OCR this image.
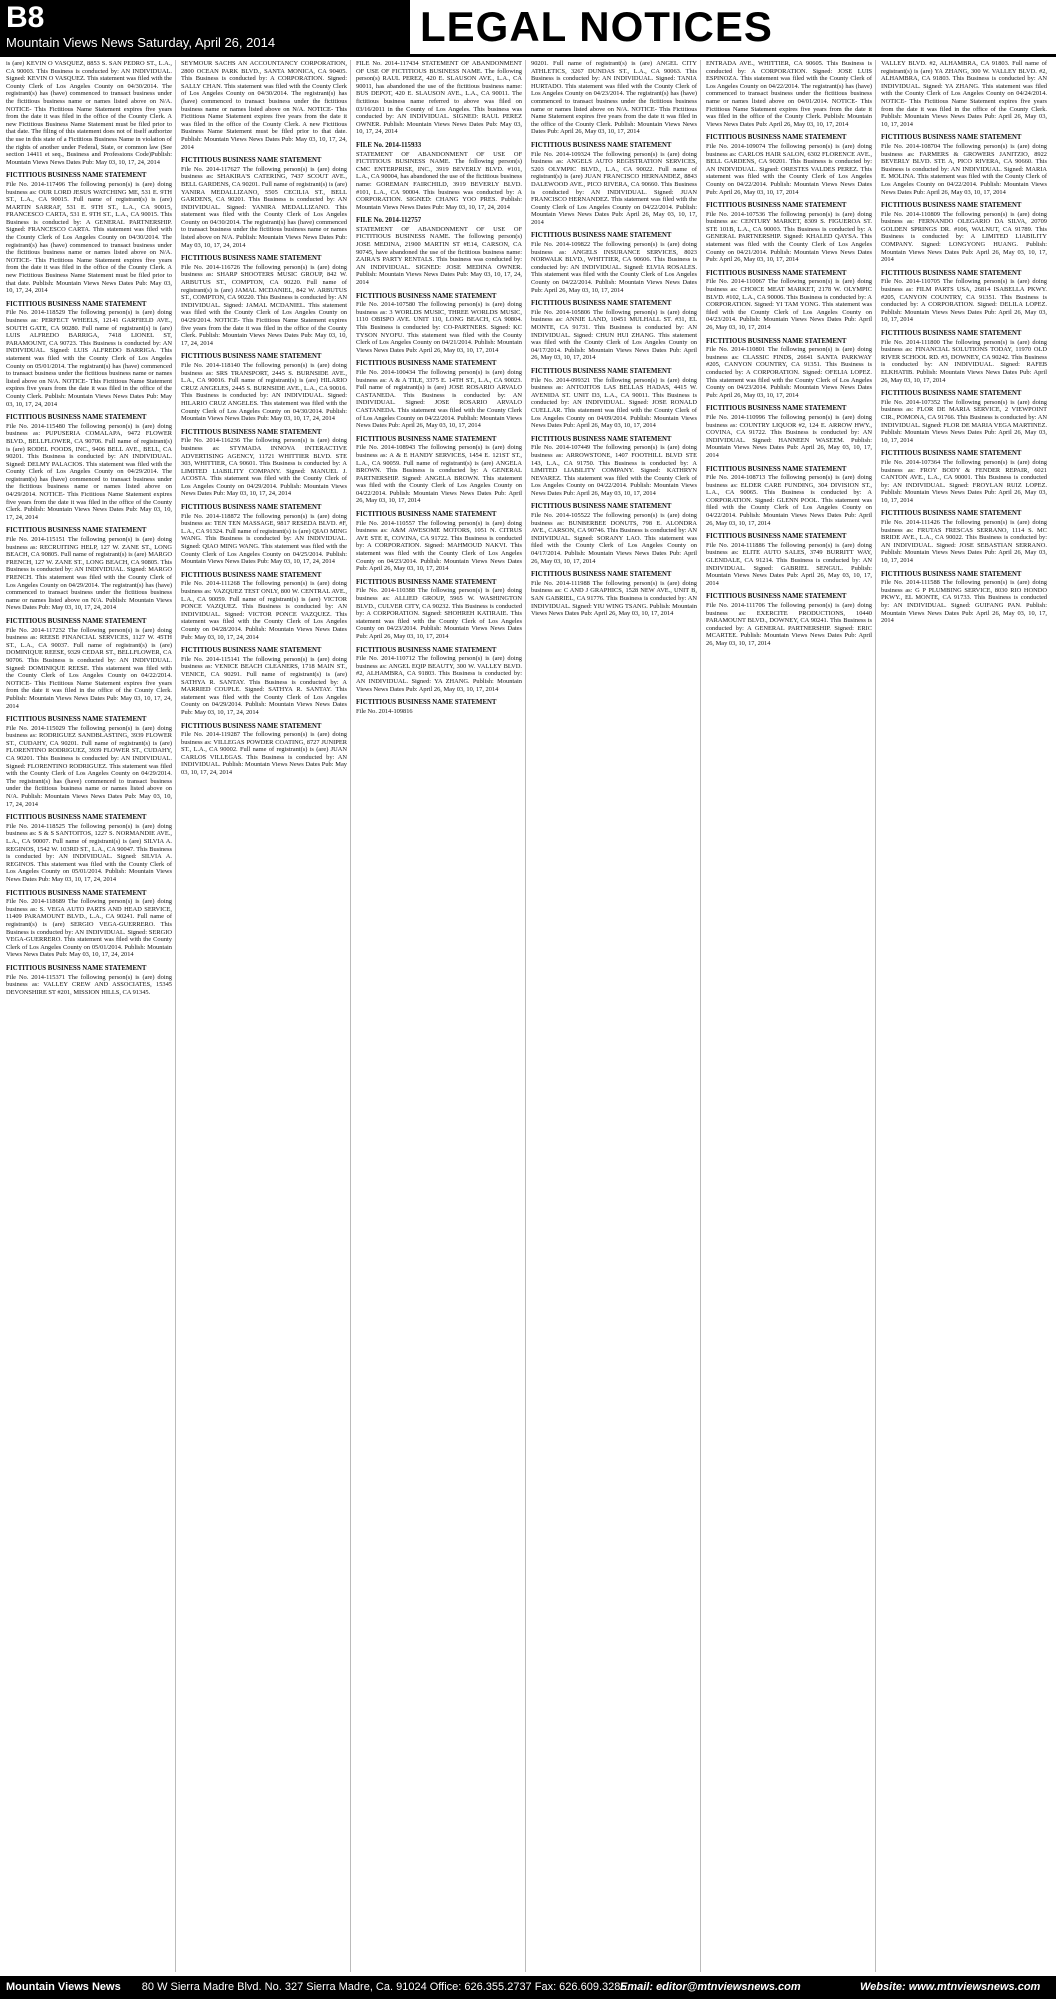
B8
Mountain Views News Saturday, April 26, 2014	LEGAL NOTICES
is (are) KEVIN O VASQUEZ, 8853 S. SAN PEDRO ST., L.A., CA 90003. This Business is conducted by: AN INDIVIDUAL. Signed: KEVIN O VASQUEZ. This statement was filed with the County Clerk of Los Angeles County on 04/30/2014. The registrant(s) has (have) commenced to transact business under the fictitious business name or names listed above on N/A. NOTICE- This Fictitious Name Statement expires five years from the date it was filed in the office of the County Clerk. A new Fictitious Business Name Statement must be filed prior to that date. The filing of this statement does not of itself authorize the use in this state of a Fictitious Business Name in violation of the rights of another under Federal, State, or common law (See section 14411 et seq., Business and Professions Code)Publish: Mountain Views News Dates Pub: May 03, 10, 17, 24, 2014
FICTITIOUS BUSINESS NAME STATEMENT
File No. 2014-117496 The following person(s) is (are) doing business as: OUR LORD JESUS WATCHING ME, 531 E. 9TH ST., L.A., CA 90015. Full name of registrant(s) is (are) MARTIN SARRAF, 531 E. 9TH ST., L.A., CA 90015, FRANCESCO CARTA, 531 E. 9TH ST., L.A., CA 90015. This Business is conducted by: A GENERAL PARTNERSHIP. Signed: FRANCESCO CARTA. This statement was filed with the County Clerk of Los Angeles County on 04/30/2014. The registrant(s) has (have) commenced to transact business under the fictitious business name or names listed above on N/A. NOTICE- This Fictitious Name Statement expires five years from the date it was filed in the office of the County Clerk. A new Fictitious Business Name Statement must be filed prior to that date. Publish: Mountain Views News Dates Pub: May 03, 10, 17, 24, 2014
FICTITIOUS BUSINESS NAME STATEMENT
File No. 2014-118529 The following person(s) is (are) doing business as: PERFECT WHEELS, 12141 GARFIELD AVE., SOUTH GATE, CA 90280. Full name of registrant(s) is (are) LUIS ALFREDO BARRIGA, 7418 LIONEL ST, PARAMOUNT, CA 90723. This Business is conducted by: AN INDIVIDUAL. Signed: LUIS ALFREDO BARRIGA. This statement was filed with the County Clerk of Los Angeles County on 05/01/2014. The registrant(s) has (have) commenced to transact business under the fictitious business name or names listed above on N/A. NOTICE- This Fictitious Name Statement expires five years from the date it was filed in the office of the County Clerk. Publish: Mountain Views News Dates Pub: May 03, 10, 17, 24, 2014
FICTITIOUS BUSINESS NAME STATEMENT
File No. 2014-115480 The following person(s) is (are) doing business as: PUPUSERIA COMALAPA, 9472 FLOWER BLVD., BELLFLOWER, CA 90706. Full name of registrant(s) is (are) RODEL FOODS, INC., 9406 BELL AVE., BELL, CA 90201. This Business is conducted by: AN INDIVIDUAL. Signed: DELMY PALACIOS. This statement was filed with the County Clerk of Los Angeles County on 04/29/2014. The registrant(s) has (have) commenced to transact business under the fictitious business name or names listed above on 04/29/2014. NOTICE- This Fictitious Name Statement expires five years from the date it was filed in the office of the County Clerk. Publish: Mountain Views News Dates Pub: May 03, 10, 17, 24, 2014
FICTITIOUS BUSINESS NAME STATEMENT
File No. 2014-115151 The following person(s) is (are) doing business as: RECRUITING HELP, 127 W. ZANE ST., LONG BEACH, CA 90805. Full name of registrant(s) is (are) MARGO FRENCH, 127 W. ZANE ST., LONG BEACH, CA 90805. This Business is conducted by: AN INDIVIDUAL. Signed: MARGO FRENCH. This statement was filed with the County Clerk of Los Angeles County on 04/29/2014. The registrant(s) has (have) commenced to transact business under the fictitious business name or names listed above on N/A. Publish: Mountain Views News Dates Pub: May 03, 10, 17, 24, 2014
FICTITIOUS BUSINESS NAME STATEMENT
File No. 2014-117232 The following person(s) is (are) doing business as: REESE FINANCIAL SERVICES, 1127 W. 45TH ST., L.A., CA 90037. Full name of registrant(s) is (are) DOMINIQUE REESE, 9329 CEDAR ST., BELLFLOWER, CA 90706. This Business is conducted by: AN INDIVIDUAL. Signed: DOMINIQUE REESE. This statement was filed with the County Clerk of Los Angeles County on 04/22/2014. NOTICE- This Fictitious Name Statement expires five years from the date it was filed in the office of the County Clerk. Publish: Mountain Views News Dates Pub: May 03, 10, 17, 24, 2014
FICTITIOUS BUSINESS NAME STATEMENT
File No. 2014-115029 The following person(s) is (are) doing business as: RODRIGUEZ SANDBLASTING, 3939 FLOWER ST., CUDAHY, CA 90201. Full name of registrant(s) is (are) FLORENTINO RODRIGUEZ, 3939 FLOWER ST., CUDAHY, CA 90201. This Business is conducted by: AN INDIVIDUAL. Signed: FLORENTINO RODRIGUEZ. This statement was filed with the County Clerk of Los Angeles County on 04/29/2014. The registrant(s) has (have) commenced to transact business under the fictitious business name or names listed above on N/A. Publish: Mountain Views News Dates Pub: May 03, 10, 17, 24, 2014
FICTITIOUS BUSINESS NAME STATEMENT
File No. 2014-118525 The following person(s) is (are) doing business as: S & S SANTOITOS, 1227 S. NORMANDIE AVE., L.A., CA 90007. Full name of registrant(s) is (are) SILVIA A. REGINOS, 1542 W. 103RD ST., L.A., CA 90047. This Business is conducted by: AN INDIVIDUAL. Signed: SILVIA A. REGINOS. This statement was filed with the County Clerk of Los Angeles County on 05/01/2014. Publish: Mountain Views News Dates Pub: May 03, 10, 17, 24, 2014
FICTITIOUS BUSINESS NAME STATEMENT
File No. 2014-118689 The following person(s) is (are) doing business as: S. VEGA AUTO PARTS AND HEAD SERVICE, 11409 PARAMOUNT BLVD., L.A., CA 90241. Full name of registrant(s) is (are) SERGIO VEGA-GUERRERO. This Business is conducted by: AN INDIVIDUAL. Signed: SERGIO VEGA-GUERRERO. This statement was filed with the County Clerk of Los Angeles County on 05/01/2014. Publish: Mountain Views News Dates Pub: May 03, 10, 17, 24, 2014
FICTITIOUS BUSINESS NAME STATEMENT
File No. 2014-115371 The following person(s) is (are) doing business as: VALLEY CREW AND ASSOCIATES, 15345 DEVONSHIRE ST #201, MISSION HILLS, CA 91345.
SEYMOUR SACHS AN ACCOUNTANCY CORPORATION, 2800 OCEAN PARK BLVD., SANTA MONICA, CA 90405. This Business is conducted by: A CORPORATION. Signed: SALLY CHAN. This statement was filed with the County Clerk of Los Angeles County on 04/30/2014. The registrant(s) has (have) commenced to transact business under the fictitious business name or names listed above on N/A. NOTICE- This Fictitious Name Statement expires five years from the date it was filed in the office of the County Clerk. A new Fictitious Business Name Statement must be filed prior to that date. Publish: Mountain Views News Dates Pub: May 03, 10, 17, 24, 2014
FICTITIOUS BUSINESS NAME STATEMENT
File No. 2014-117627 The following person(s) is (are) doing business as: SHAKIRA'S CATERING, 7437 SCOUT AVE., BELL GARDENS, CA 90201. Full name of registrant(s) is (are) YANIRA MEDALLIZANO, 5505 CECILIA ST., BELL GARDENS, CA 90201. This Business is conducted by: AN INDIVIDUAL. Signed: YANIRA MEDALLIZANO. This statement was filed with the County Clerk of Los Angeles County on 04/30/2014. The registrant(s) has (have) commenced to transact business under the fictitious business name or names listed above on N/A. Publish: Mountain Views News Dates Pub: May 03, 10, 17, 24, 2014
FICTITIOUS BUSINESS NAME STATEMENT
File No. 2014-116726 The following person(s) is (are) doing business as: SHARP SHOOTERS MUSIC GROUP, 842 W. ARBUTUS ST., COMPTON, CA 90220. Full name of registrant(s) is (are) JAMAL MCDANIEL, 842 W. ARBUTUS ST., COMPTON, CA 90220. This Business is conducted by: AN INDIVIDUAL. Signed: JAMAL MCDANIEL. This statement was filed with the County Clerk of Los Angeles County on 04/29/2014. NOTICE- This Fictitious Name Statement expires five years from the date it was filed in the office of the County Clerk. Publish: Mountain Views News Dates Pub: May 03, 10, 17, 24, 2014
FICTITIOUS BUSINESS NAME STATEMENT
File No. 2014-118140 The following person(s) is (are) doing business as: SRS TRANSPORT, 2445 S. BURNSIDE AVE., L.A., CA 90016. Full name of registrant(s) is (are) HILARIO CRUZ ANGELES, 2445 S. BURNSIDE AVE., L.A., CA 90016. This Business is conducted by: AN INDIVIDUAL. Signed: HILARIO CRUZ ANGELES. This statement was filed with the County Clerk of Los Angeles County on 04/30/2014. Publish: Mountain Views News Dates Pub: May 03, 10, 17, 24, 2014
FICTITIOUS BUSINESS NAME STATEMENT
File No. 2014-116236 The following person(s) is (are) doing business as: STYMADA INNOVA INTERACTIVE ADVERTISING AGENCY, 11721 WHITTIER BLVD. STE 303, WHITTIER, CA 90601. This Business is conducted by: A LIMITED LIABILITY COMPANY. Signed: MANUEL J. ACOSTA. This statement was filed with the County Clerk of Los Angeles County on 04/29/2014. Publish: Mountain Views News Dates Pub: May 03, 10, 17, 24, 2014
FICTITIOUS BUSINESS NAME STATEMENT
File No. 2014-118872 The following person(s) is (are) doing business as: TEN TEN MASSAGE, 9817 RESEDA BLVD. #F, L.A., CA 91324. Full name of registrant(s) is (are) QIAO MING WANG. This Business is conducted by: AN INDIVIDUAL. Signed: QIAO MING WANG. This statement was filed with the County Clerk of Los Angeles County on 04/25/2014. Publish: Mountain Views News Dates Pub: May 03, 10, 17, 24, 2014
FICTITIOUS BUSINESS NAME STATEMENT
File No. 2014-111268 The following person(s) is (are) doing business as: VAZQUEZ TEST ONLY, 800 W. CENTRAL AVE., L.A., CA 90059. Full name of registrant(s) is (are) VICTOR PONCE VAZQUEZ. This Business is conducted by: AN INDIVIDUAL. Signed: VICTOR PONCE VAZQUEZ. This statement was filed with the County Clerk of Los Angeles County on 04/28/2014. Publish: Mountain Views News Dates Pub: May 03, 10, 17, 24, 2014
FICTITIOUS BUSINESS NAME STATEMENT
File No. 2014-115141 The following person(s) is (are) doing business as: VENICE BEACH CLEANERS, 1718 MAIN ST., VENICE, CA 90291. Full name of registrant(s) is (are) SATHYA R. SANTAY. This Business is conducted by: A MARRIED COUPLE. Signed: SATHYA R. SANTAY. This statement was filed with the County Clerk of Los Angeles County on 04/29/2014. Publish: Mountain Views News Dates Pub: May 03, 10, 17, 24, 2014
FICTITIOUS BUSINESS NAME STATEMENT
File No. 2014-119287 The following person(s) is (are) doing business as: VILLEGAS POWDER COATING, 8727 JUNIPER ST., L.A., CA 90002. Full name of registrant(s) is (are) JUAN CARLOS VILLEGAS. This Business is conducted by: AN INDIVIDUAL. Publish: Mountain Views News Dates Pub: May 03, 10, 17, 24, 2014
FILE No. 2014-117434 STATEMENT OF ABANDONMENT OF USE OF FICTITIOUS BUSINESS NAME. The following person(s) RAUL PEREZ, 420 E. SLAUSON AVE., L.A., CA 90011, has abandoned the use of the fictitious business name: BUS DEPOT, 420 E. SLAUSON AVE., L.A., CA 90011. The fictitious business name referred to above was filed on 03/16/2011 in the County of Los Angeles. This business was conducted by: AN INDIVIDUAL. SIGNED: RAUL PEREZ OWNER. Publish: Mountain Views News Dates Pub: May 03, 10, 17, 24, 2014
FILE No. 2014-115933
STATEMENT OF ABANDONMENT OF USE OF FICTITIOUS BUSINESS NAME. The following person(s) CMC ENTERPRISE, INC., 3919 BEVERLY BLVD. #101, L.A., CA 90004, has abandoned the use of the fictitious business name: GOREMAN FAIRCHILD, 3919 BEVERLY BLVD. #101, L.A., CA 90004. This business was conducted by: A CORPORATION. SIGNED: CHANG YOO PRES. Publish: Mountain Views News Dates Pub: May 03, 10, 17, 24, 2014
FILE No. 2014-112757
STATEMENT OF ABANDONMENT OF USE OF FICTITIOUS BUSINESS NAME. The following person(s) JOSE MEDINA, 21900 MARTIN ST #E14, CARSON, CA 90745, have abandoned the use of the fictitious business name: ZAIRA'S PARTY RENTALS. This business was conducted by: AN INDIVIDUAL. SIGNED: JOSE MEDINA OWNER. Publish: Mountain Views News Dates Pub: May 03, 10, 17, 24, 2014
FICTITIOUS BUSINESS NAME STATEMENT
File No. 2014-107580 The following person(s) is (are) doing business as: 3 WORLDS MUSIC, THREE WORLDS MUSIC, 1110 OBISPO AVE. UNIT 110, LONG BEACH, CA 90804. This Business is conducted by: CO-PARTNERS. Signed: KC TYSON NYOFU. This statement was filed with the County Clerk of Los Angeles County on 04/21/2014. Publish: Mountain Views News Dates Pub: April 26, May 03, 10, 17, 2014
FICTITIOUS BUSINESS NAME STATEMENT
File No. 2014-100434 The following person(s) is (are) doing business as: A & A TILE, 3375 E. 14TH ST., L.A., CA 90023. Full name of registrant(s) is (are) JOSE ROSARIO ARVALO CASTANEDA. This Business is conducted by: AN INDIVIDUAL. Signed: JOSE ROSARIO ARVALO CASTANEDA. This statement was filed with the County Clerk of Los Angeles County on 04/22/2014. Publish: Mountain Views News Dates Pub: April 26, May 03, 10, 17, 2014
FICTITIOUS BUSINESS NAME STATEMENT
File No. 2014-108943 The following person(s) is (are) doing business as: A & E HANDY SERVICES, 1454 E. 121ST ST., L.A., CA 90059. Full name of registrant(s) is (are) ANGELA BROWN. This Business is conducted by: A GENERAL PARTNERSHIP. Signed: ANGELA BROWN. This statement was filed with the County Clerk of Los Angeles County on 04/22/2014. Publish: Mountain Views News Dates Pub: April 26, May 03, 10, 17, 2014
FICTITIOUS BUSINESS NAME STATEMENT
File No. 2014-110557 The following person(s) is (are) doing business as: A&M AWESOME MOTORS, 1051 N. CITRUS AVE STE E, COVINA, CA 91722. This Business is conducted by: A CORPORATION. Signed: MAHMOUD NAKVI. This statement was filed with the County Clerk of Los Angeles County on 04/23/2014. Publish: Mountain Views News Dates Pub: April 26, May 03, 10, 17, 2014
FICTITIOUS BUSINESS NAME STATEMENT
File No. 2014-110388 The following person(s) is (are) doing business as: ALLIED GROUP, 5965 W. WASHINGTON BLVD., CULVER CITY, CA 90232. This Business is conducted by: A CORPORATION. Signed: SHOHREH KATIRAIE. This statement was filed with the County Clerk of Los Angeles County on 04/23/2014. Publish: Mountain Views News Dates Pub: April 26, May 03, 10, 17, 2014
FICTITIOUS BUSINESS NAME STATEMENT
File No. 2014-110712 The following person(s) is (are) doing business as: ANGEL EQIP BEAUTY, 300 W. VALLEY BLVD. #2, ALHAMBRA, CA 91803. This Business is conducted by: AN INDIVIDUAL. Signed: YA ZHANG. Publish: Mountain Views News Dates Pub: April 26, May 03, 10, 17, 2014
FICTITIOUS BUSINESS NAME STATEMENT
File No. 2014-109816
90201. Full name of registrant(s) is (are) ANGEL CITY ATHLETICS, 3267 DUNDAS ST., L.A., CA 90063. This Business is conducted by: AN INDIVIDUAL. Signed: TANIA HURTADO. This statement was filed with the County Clerk of Los Angeles County on 04/23/2014. The registrant(s) has (have) commenced to transact business under the fictitious business name or names listed above on N/A. NOTICE- This Fictitious Name Statement expires five years from the date it was filed in the office of the County Clerk. Publish: Mountain Views News Dates Pub: April 26, May 03, 10, 17, 2014
FICTITIOUS BUSINESS NAME STATEMENT
File No. 2014-109324 The following person(s) is (are) doing business as: ANGELS AUTO REGISTRATION SERVICES, 5203 OLYMPIC BLVD., L.A., CA 90022. Full name of registrant(s) is (are) JUAN FRANCISCO HERNANDEZ, 8843 DALEWOOD AVE., PICO RIVERA, CA 90660. This Business is conducted by: AN INDIVIDUAL. Signed: JUAN FRANCISCO HERNANDEZ. This statement was filed with the County Clerk of Los Angeles County on 04/22/2014. Publish: Mountain Views News Dates Pub: April 26, May 03, 10, 17, 2014
FICTITIOUS BUSINESS NAME STATEMENT
File No. 2014-109822 The following person(s) is (are) doing business as: ANGELS INSURANCE SERVICES, 8023 NORWALK BLVD., WHITTIER, CA 90606. This Business is conducted by: AN INDIVIDUAL. Signed: ELVIA ROSALES. This statement was filed with the County Clerk of Los Angeles County on 04/22/2014. Publish: Mountain Views News Dates Pub: April 26, May 03, 10, 17, 2014
FICTITIOUS BUSINESS NAME STATEMENT
File No. 2014-105806 The following person(s) is (are) doing business as: ANNIE LAND, 10451 MULHALL ST. #31, EL MONTE, CA 91731. This Business is conducted by: AN INDIVIDUAL. Signed: CHUN HUI ZHANG. This statement was filed with the County Clerk of Los Angeles County on 04/17/2014. Publish: Mountain Views News Dates Pub: April 26, May 03, 10, 17, 2014
FICTITIOUS BUSINESS NAME STATEMENT
File No. 2014-099321 The following person(s) is (are) doing business as: ANTOJITOS LAS BELLAS HADAS, 4415 W. AVENIDA ST. UNIT D3, L.A., CA 90011. This Business is conducted by: AN INDIVIDUAL. Signed: JOSE RONALD CUELLAR. This statement was filed with the County Clerk of Los Angeles County on 04/09/2014. Publish: Mountain Views News Dates Pub: April 26, May 03, 10, 17, 2014
FICTITIOUS BUSINESS NAME STATEMENT
File No. 2014-107449 The following person(s) is (are) doing business as: ARROWSTONE, 1407 FOOTHILL BLVD STE 143, L.A., CA 91750. This Business is conducted by: A LIMITED LIABILITY COMPANY. Signed: KATHRYN NEVAREZ. This statement was filed with the County Clerk of Los Angeles County on 04/22/2014. Publish: Mountain Views News Dates Pub: April 26, May 03, 10, 17, 2014
FICTITIOUS BUSINESS NAME STATEMENT
File No. 2014-105522 The following person(s) is (are) doing business as: BUNBERBEE DONUTS, 798 E. ALONDRA AVE., CARSON, CA 90746. This Business is conducted by: AN INDIVIDUAL. Signed: SORANY LAO. This statement was filed with the County Clerk of Los Angeles County on 04/17/2014. Publish: Mountain Views News Dates Pub: April 26, May 03, 10, 17, 2014
FICTITIOUS BUSINESS NAME STATEMENT
File No. 2014-111988 The following person(s) is (are) doing business as: C AND J GRAPHICS, 1528 NEW AVE., UNIT B, SAN GABRIEL, CA 91776. This Business is conducted by: AN INDIVIDUAL. Signed: YIU WING TSANG. Publish: Mountain Views News Dates Pub: April 26, May 03, 10, 17, 2014
ENTRADA AVE., WHITTIER, CA 90605. This Business is conducted by: A CORPORATION. Signed: JOSE LUIS ESPINOZA. This statement was filed with the County Clerk of Los Angeles County on 04/22/2014. The registrant(s) has (have) commenced to transact business under the fictitious business name or names listed above on 04/01/2014. NOTICE- This Fictitious Name Statement expires five years from the date it was filed in the office of the County Clerk. Publish: Mountain Views News Dates Pub: April 26, May 03, 10, 17, 2014
FICTITIOUS BUSINESS NAME STATEMENT
File No. 2014-109074 The following person(s) is (are) doing business as: CARLOS HAIR SALON, 6302 FLORENCE AVE., BELL GARDENS, CA 90201. This Business is conducted by: AN INDIVIDUAL. Signed: ORESTES VALDES PEREZ. This statement was filed with the County Clerk of Los Angeles County on 04/22/2014. Publish: Mountain Views News Dates Pub: April 26, May 03, 10, 17, 2014
FICTITIOUS BUSINESS NAME STATEMENT
File No. 2014-107536 The following person(s) is (are) doing business as: CENTURY MARKET, 8309 S. FIGUEROA ST. STE 101B, L.A., CA 90003. This Business is conducted by: A GENERAL PARTNERSHIP. Signed: KHALED QAYSA. This statement was filed with the County Clerk of Los Angeles County on 04/21/2014. Publish: Mountain Views News Dates Pub: April 26, May 03, 10, 17, 2014
FICTITIOUS BUSINESS NAME STATEMENT
File No. 2014-110067 The following person(s) is (are) doing business as: CHOICE MEAT MARKET, 2178 W. OLYMPIC BLVD. #102, L.A., CA 90006. This Business is conducted by: A CORPORATION. Signed: YI TAM YONG. This statement was filed with the County Clerk of Los Angeles County on 04/23/2014. Publish: Mountain Views News Dates Pub: April 26, May 03, 10, 17, 2014
FICTITIOUS BUSINESS NAME STATEMENT
File No. 2014-110801 The following person(s) is (are) doing business as: CLASSIC FINDS, 26641 SANTA PARKWAY #205, CANYON COUNTRY, CA 91351. This Business is conducted by: A CORPORATION. Signed: OFELIA LOPEZ. This statement was filed with the County Clerk of Los Angeles County on 04/23/2014. Publish: Mountain Views News Dates Pub: April 26, May 03, 10, 17, 2014
FICTITIOUS BUSINESS NAME STATEMENT
File No. 2014-110996 The following person(s) is (are) doing business as: COUNTRY LIQUOR #2, 124 E. ARROW HWY., COVINA, CA 91722. This Business is conducted by: AN INDIVIDUAL. Signed: HANNEEN WASEEM. Publish: Mountain Views News Dates Pub: April 26, May 03, 10, 17, 2014
FICTITIOUS BUSINESS NAME STATEMENT
File No. 2014-108713 The following person(s) is (are) doing business as: ELDER CARE FUNDING, 304 DIVISION ST., L.A., CA 90065. This Business is conducted by: A CORPORATION. Signed: GLENN POOL. This statement was filed with the County Clerk of Los Angeles County on 04/22/2014. Publish: Mountain Views News Dates Pub: April 26, May 03, 10, 17, 2014
FICTITIOUS BUSINESS NAME STATEMENT
File No. 2014-111886 The following person(s) is (are) doing business as: ELITE AUTO SALES, 3749 BURRITT WAY, GLENDALE, CA 91214. This Business is conducted by: AN INDIVIDUAL. Signed: GABRIEL SENGUL. Publish: Mountain Views News Dates Pub: April 26, May 03, 10, 17, 2014
FICTITIOUS BUSINESS NAME STATEMENT
File No. 2014-111706 The following person(s) is (are) doing business as: EXERCITE PRODUCTIONS, 10440 PARAMOUNT BLVD., DOWNEY, CA 90241. This Business is conducted by: A GENERAL PARTNERSHIP. Signed: ERIC MCARTEE. Publish: Mountain Views News Dates Pub: April 26, May 03, 10, 17, 2014
VALLEY BLVD. #2, ALHAMBRA, CA 91803. Full name of registrant(s) is (are) YA ZHANG, 300 W. VALLEY BLVD. #2, ALHAMBRA, CA 91803. This Business is conducted by: AN INDIVIDUAL. Signed: YA ZHANG. This statement was filed with the County Clerk of Los Angeles County on 04/24/2014. NOTICE- This Fictitious Name Statement expires five years from the date it was filed in the office of the County Clerk. Publish: Mountain Views News Dates Pub: April 26, May 03, 10, 17, 2014
FICTITIOUS BUSINESS NAME STATEMENT
File No. 2014-108704 The following person(s) is (are) doing business as: FARMERS & GROWERS JANITZIO, 8922 BEVERLY BLVD. STE A, PICO RIVERA, CA 90660. This Business is conducted by: AN INDIVIDUAL. Signed: MARIA E. MOLINA. This statement was filed with the County Clerk of Los Angeles County on 04/22/2014. Publish: Mountain Views News Dates Pub: April 26, May 03, 10, 17, 2014
FICTITIOUS BUSINESS NAME STATEMENT
File No. 2014-110809 The following person(s) is (are) doing business as: FERNANDO OLEGARIO DA SILVA, 20709 GOLDEN SPRINGS DR. #106, WALNUT, CA 91789. This Business is conducted by: A LIMITED LIABILITY COMPANY. Signed: LONGYONG HUANG. Publish: Mountain Views News Dates Pub: April 26, May 03, 10, 17, 2014
FICTITIOUS BUSINESS NAME STATEMENT
File No. 2014-110705 The following person(s) is (are) doing business as: FILM PARTS USA, 26814 ISABELLA PKWY. #205, CANYON COUNTRY, CA 91351. This Business is conducted by: A CORPORATION. Signed: DELILA LOPEZ. Publish: Mountain Views News Dates Pub: April 26, May 03, 10, 17, 2014
FICTITIOUS BUSINESS NAME STATEMENT
File No. 2014-111800 The following person(s) is (are) doing business as: FINANCIAL SOLUTIONS TODAY, 11970 OLD RIVER SCHOOL RD. #3, DOWNEY, CA 90242. This Business is conducted by: AN INDIVIDUAL. Signed: RAFEB ELKHATIB. Publish: Mountain Views News Dates Pub: April 26, May 03, 10, 17, 2014
FICTITIOUS BUSINESS NAME STATEMENT
File No. 2014-107352 The following person(s) is (are) doing business as: FLOR DE MARIA SERVICE, 2 VIEWPOINT CIR., POMONA, CA 91766. This Business is conducted by: AN INDIVIDUAL. Signed: FLOR DE MARIA VEGA MARTINEZ. Publish: Mountain Views News Dates Pub: April 26, May 03, 10, 17, 2014
FICTITIOUS BUSINESS NAME STATEMENT
File No. 2014-107364 The following person(s) is (are) doing business as: FROY BODY & FENDER REPAIR, 6021 CANTON AVE., L.A., CA 90001. This Business is conducted by: AN INDIVIDUAL. Signed: FROYLAN RUIZ LOPEZ. Publish: Mountain Views News Dates Pub: April 26, May 03, 10, 17, 2014
FICTITIOUS BUSINESS NAME STATEMENT
File No. 2014-111426 The following person(s) is (are) doing business as: FRUTAS FRESCAS SERRANO, 1114 S. MC BRIDE AVE., L.A., CA 90022. This Business is conducted by: AN INDIVIDUAL. Signed: JOSE SEBASTIAN SERRANO. Publish: Mountain Views News Dates Pub: April 26, May 03, 10, 17, 2014
FICTITIOUS BUSINESS NAME STATEMENT
File No. 2014-111588 The following person(s) is (are) doing business as: G P PLUMBING SERVICE, 8030 RIO HONDO PKWY., EL MONTE, CA 91733. This Business is conducted by: AN INDIVIDUAL. Signed: GUIFANG PAN. Publish: Mountain Views News Dates Pub: April 26, May 03, 10, 17, 2014
Mountain Views News 80 W Sierra Madre Blvd. No. 327 Sierra Madre, Ca. 91024 Office: 626.355.2737 Fax: 626.609.3285
Email: editor@mtnviewsnews.com	Website: www.mtnviewsnews.com
